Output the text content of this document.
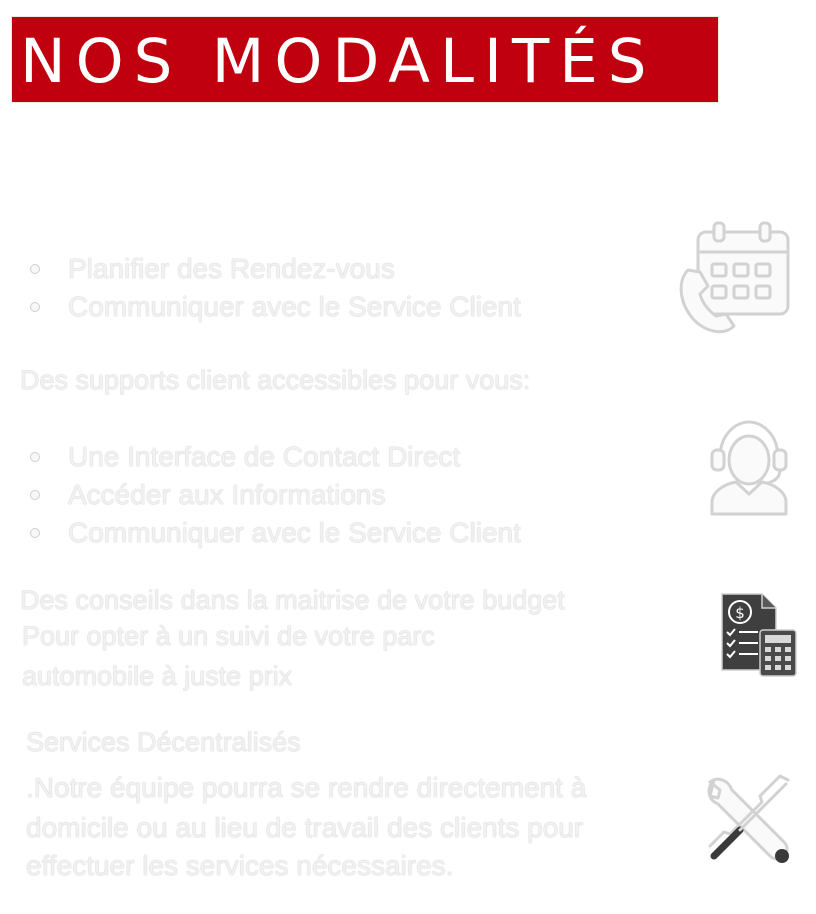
NOS MODALITÉS
Planifier des Rendez-vous
Communiquer avec le Service Client
Des supports client accessibles pour vous:
Une Interface de Contact Direct
Accéder aux Informations
Communiquer avec le Service Client
Des conseils dans la maitrise de votre budget
Pour opter à un suivi de votre parc
automobile à juste prix
$
Services Décentralisés
.Notre équipe pourra se rendre directement à
domicile ou au lieu de travail des clients pour
effectuer les services nécessaires.
